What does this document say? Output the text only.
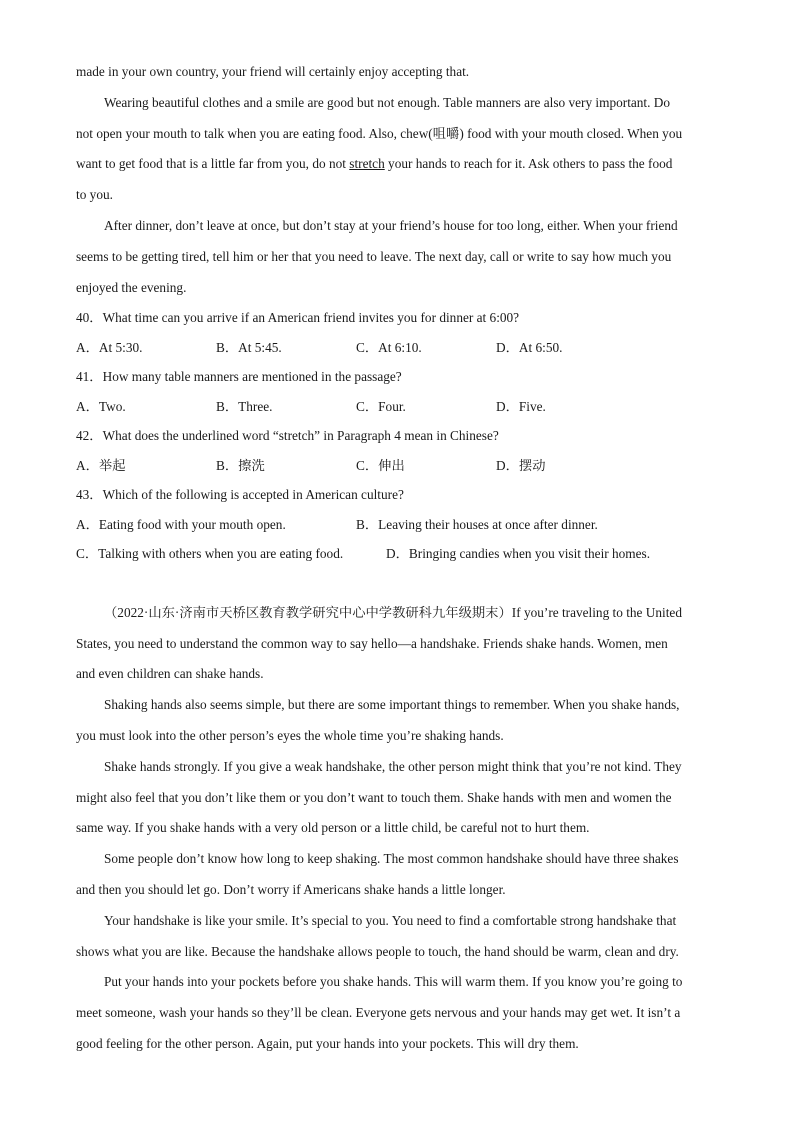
made in your own country, your friend will certainly enjoy accepting that.
Wearing beautiful clothes and a smile are good but not enough. Table manners are also very important. Do
not open your mouth to talk when you are eating food. Also, chew(咀嚼) food with your mouth closed. When you
want to get food that is a little far from you, do not stretch your hands to reach for it. Ask others to pass the food
to you.
After dinner, don’t leave at once, but don’t stay at your friend’s house for too long, either. When your friend
seems to be getting tired, tell him or her that you need to leave. The next day, call or write to say how much you
enjoyed the evening.
40．What time can you arrive if an American friend invites you for dinner at 6:00?
A．At 5:30.	B．At 5:45.	C．At 6:10.	D．At 6:50.
41．How many table manners are mentioned in the passage?
A．Two.	B．Three.	C．Four.	D．Five.
42．What does the underlined word “stretch” in Paragraph 4 mean in Chinese?
A．举起	B．擦洗	C．伸出	D．摆动
43．Which of the following is accepted in American culture?
A．Eating food with your mouth open.	B．Leaving their houses at once after dinner.
C．Talking with others when you are eating food.	D．Bringing candies when you visit their homes.
（2022·山东·济南市天桥区教育教学研究中心中学教研科九年级期末）If you’re traveling to the United
States, you need to understand the common way to say hello—a handshake. Friends shake hands. Women, men
and even children can shake hands.
Shaking hands also seems simple, but there are some important things to remember. When you shake hands,
you must look into the other person’s eyes the whole time you’re shaking hands.
Shake hands strongly. If you give a weak handshake, the other person might think that you’re not kind. They
might also feel that you don’t like them or you don’t want to touch them. Shake hands with men and women the
same way. If you shake hands with a very old person or a little child, be careful not to hurt them.
Some people don’t know how long to keep shaking. The most common handshake should have three shakes
and then you should let go. Don’t worry if Americans shake hands a little longer.
Your handshake is like your smile. It’s special to you. You need to find a comfortable strong handshake that
shows what you are like. Because the handshake allows people to touch, the hand should be warm, clean and dry.
Put your hands into your pockets before you shake hands. This will warm them. If you know you’re going to
meet someone, wash your hands so they’ll be clean. Everyone gets nervous and your hands may get wet. It isn’t a
good feeling for the other person. Again, put your hands into your pockets. This will dry them.
